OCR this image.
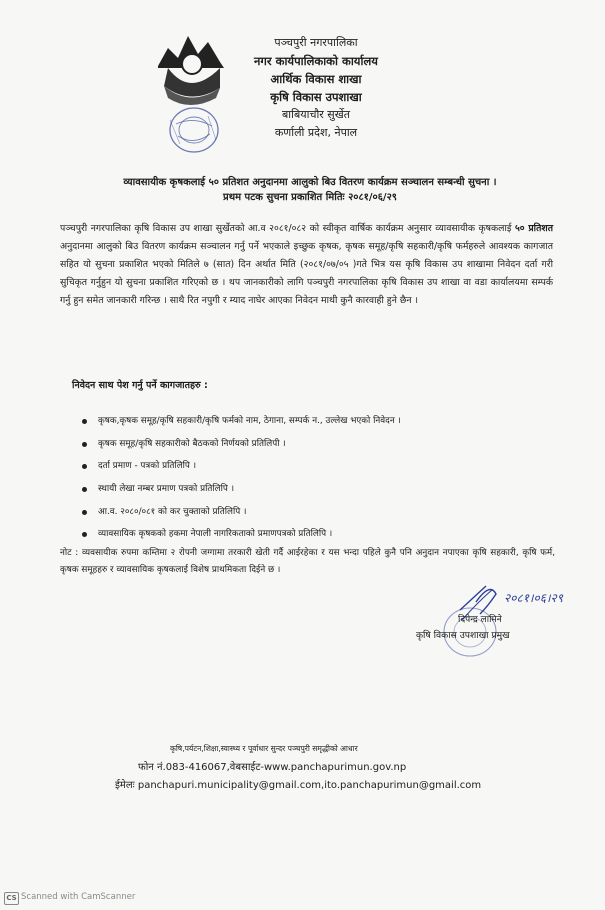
पञ्चपुरी नगरपालिका
नगर कार्यपालिकाको कार्यालय
आर्थिक विकास शाखा
कृषि विकास उपशाखा
बाबियाचौर सुर्खेत
कर्णाली प्रदेश, नेपाल
व्यावसायीक कृषकलाई ५० प्रतिशत अनुदानमा आलुको बिउ वितरण कार्यक्रम सञ्चालन सम्बन्धी सुचना ।
प्रथम पटक सुचना प्रकाशित मितिः २०८१/०६/२९
पञ्चपुरी नगरपालिका कृषि विकास उप शाखा सुर्खेतको आ.व २०८१/०८२ को स्वीकृत वार्षिक कार्यक्रम अनुसार व्यावसायीक कृषकलाई ५० प्रतिशत अनुदानमा आलुको बिउ वितरण कार्यक्रम सञ्चालन गर्नु पर्ने भएकाले इच्छुक कृषक, कृषक समूह/कृषि सहकारी/कृषि फर्महरुले आवश्यक कागजात सहित यो सुचना प्रकाशित भएको मितिले ७ (सात) दिन अर्थात मिति (२०८१/०७/०५ )गते भित्र यस कृषि विकास उप शाखामा निवेदन दर्ता गरी सुचिकृत गर्नुहुन यो सुचना प्रकाशित गरिएको छ । थप जानकारीको लागि पञ्चपुरी नगरपालिका कृषि विकास उप शाखा वा वडा कार्यालयमा सम्पर्क गर्नु हुन समेत जानकारी गरिन्छ । साथै रित नपुगी र म्याद नाघेर आएका निवेदन माथी कुनै कारवाही हुने छैन ।
निवेदन साथ पेश गर्नु पर्ने कागजातहरु :
कृषक,कृषक समूह/कृषि सहकारी/कृषि फर्मको नाम, ठेगाना, सम्पर्क न., उल्लेख भएको निवेदन ।
कृषक समूह/कृषि सहकारीको बैठकको निर्णयको प्रतिलिपी ।
दर्ता प्रमाण - पत्रको प्रतिलिपि ।
स्थायी लेखा नम्बर प्रमाण पत्रको प्रतिलिपि ।
आ.व. २०८०/०८१ को कर चुक्ताको प्रतिलिपि ।
व्यावसायिक कृषकको हकमा नेपाली नागरिकताको प्रमाणपत्रको प्रतिलिपि ।
नोट : व्यवसायीक रुपमा कम्तिमा २ रोपनी जग्गामा तरकारी खेती गर्दै आईरहेका र यस भन्दा पहिले कुनै पनि अनुदान नपाएका कृषि सहकारी, कृषि फर्म, कृषक समूहहरु र व्यावसायिक कृषकलाई विशेष प्राथमिकता दिईने छ ।
२०८१।०६।२९
दिपेन्द्र लामिने
कृषि विकास उपशाखा प्रमुख
कृषि,पर्यटन,शिक्षा,स्वास्थ्य र पूर्वाधार सुन्दर पञ्चपुरी समृद्धीको आधार
फोन नं.083-416067,वेबसाईट-www.panchapurimun.gov.np
ईमेलः panchapuri.municipality@gmail.com,ito.panchapurimun@gmail.com
CS Scanned with CamScanner
